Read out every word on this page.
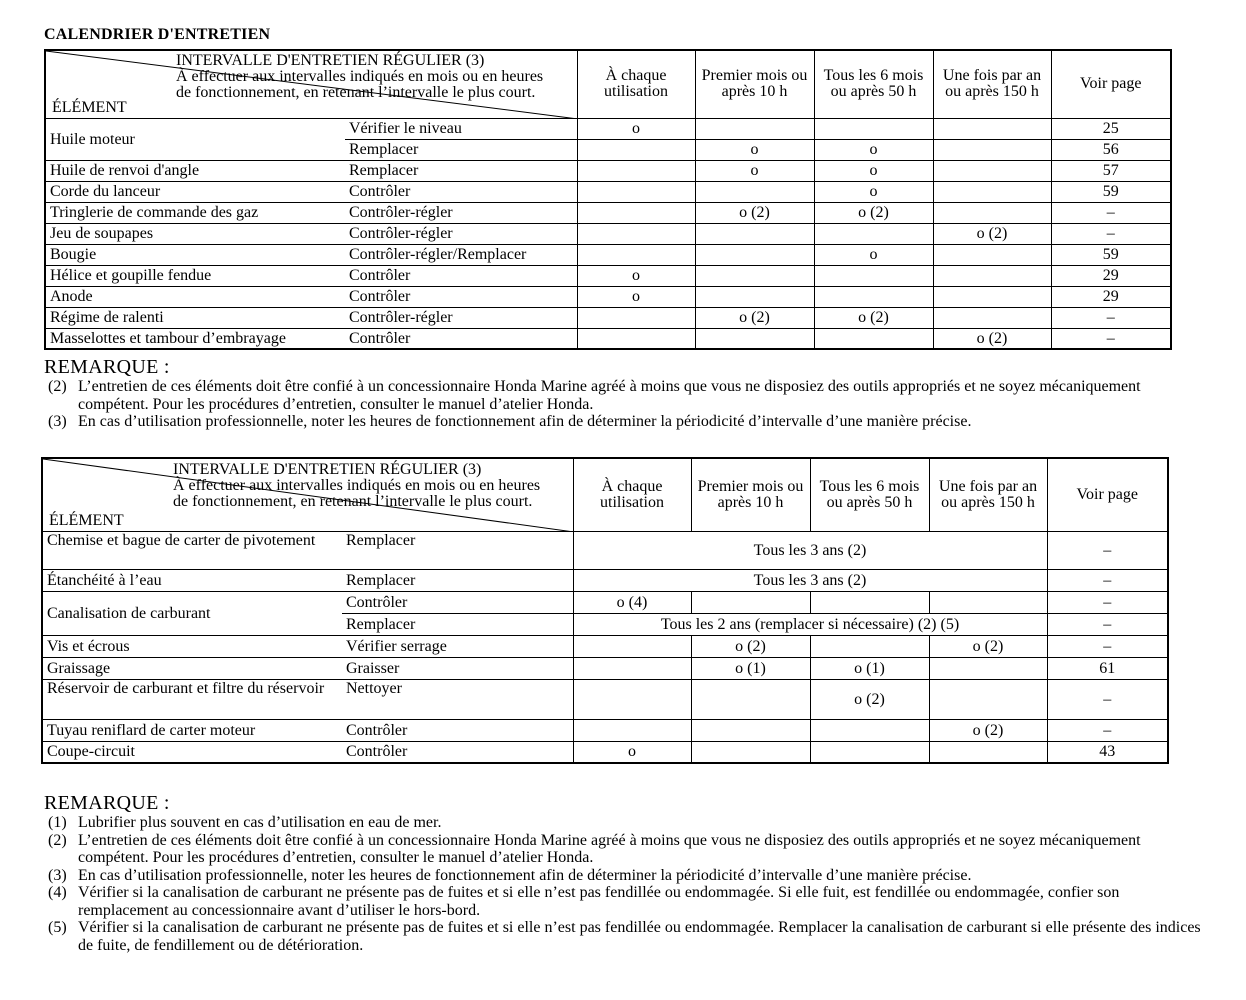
CALENDRIER D'ENTRETIEN
INTERVALLE D'ENTRETIEN RÉGULIER (3)
À effectuer aux intervalles indiqués en mois ou en heures
de fonctionnement, en retenant l’intervalle le plus court.
ÉLÉMENT		À chaque utilisation	Premier mois ou après 10 h	Tous les 6 mois ou après 50 h	Une fois par an ou après 150 h	Voir page
Huile moteur	Vérifier le niveau	o				25
	Remplacer		o	o		56
Huile de renvoi d'angle	Remplacer		o	o		57
Corde du lanceur	Contrôler			o		59
Tringlerie de commande des gaz	Contrôler-régler		o (2)	o (2)		–
Jeu de soupapes	Contrôler-régler				o (2)	–
Bougie	Contrôler-régler/Remplacer			o		59
Hélice et goupille fendue	Contrôler	o				29
Anode	Contrôler	o				29
Régime de ralenti	Contrôler-régler		o (2)	o (2)		–
Masselottes et tambour d’embrayage	Contrôler				o (2)	–
REMARQUE :
(2) L’entretien de ces éléments doit être confié à un concessionnaire Honda Marine agréé à moins que vous ne disposiez des outils appropriés et ne soyez mécaniquement compétent. Pour les procédures d’entretien, consulter le manuel d’atelier Honda.
(3) En cas d’utilisation professionnelle, noter les heures de fonctionnement afin de déterminer la périodicité d’intervalle d’une manière précise.
INTERVALLE D'ENTRETIEN RÉGULIER (3)
À effectuer aux intervalles indiqués en mois ou en heures
de fonctionnement, en retenant l’intervalle le plus court.
ÉLÉMENT		À chaque utilisation	Premier mois ou après 10 h	Tous les 6 mois ou après 50 h	Une fois par an ou après 150 h	Voir page
Chemise et bague de carter de pivotement	Remplacer	Tous les 3 ans (2)				–
Étanchéité à l’eau	Remplacer	Tous les 3 ans (2)				–
Canalisation de carburant	Contrôler	o (4)				–
	Remplacer	Tous les 2 ans (remplacer si nécessaire) (2) (5)				–
Vis et écrous	Vérifier serrage		o (2)		o (2)	–
Graissage	Graisser		o (1)	o (1)		61
Réservoir de carburant et filtre du réservoir	Nettoyer			o (2)		–
Tuyau reniflard de carter moteur	Contrôler				o (2)	–
Coupe-circuit	Contrôler	o				43
REMARQUE :
(1) Lubrifier plus souvent en cas d’utilisation en eau de mer.
(2) L’entretien de ces éléments doit être confié à un concessionnaire Honda Marine agréé à moins que vous ne disposiez des outils appropriés et ne soyez mécaniquement compétent. Pour les procédures d’entretien, consulter le manuel d’atelier Honda.
(3) En cas d’utilisation professionnelle, noter les heures de fonctionnement afin de déterminer la périodicité d’intervalle d’une manière précise.
(4) Vérifier si la canalisation de carburant ne présente pas de fuites et si elle n’est pas fendillée ou endommagée. Si elle fuit, est fendillée ou endommagée, confier son remplacement au concessionnaire avant d’utiliser le hors-bord.
(5) Vérifier si la canalisation de carburant ne présente pas de fuites et si elle n’est pas fendillée ou endommagée. Remplacer la canalisation de carburant si elle présente des indices de fuite, de fendillement ou de détérioration.
